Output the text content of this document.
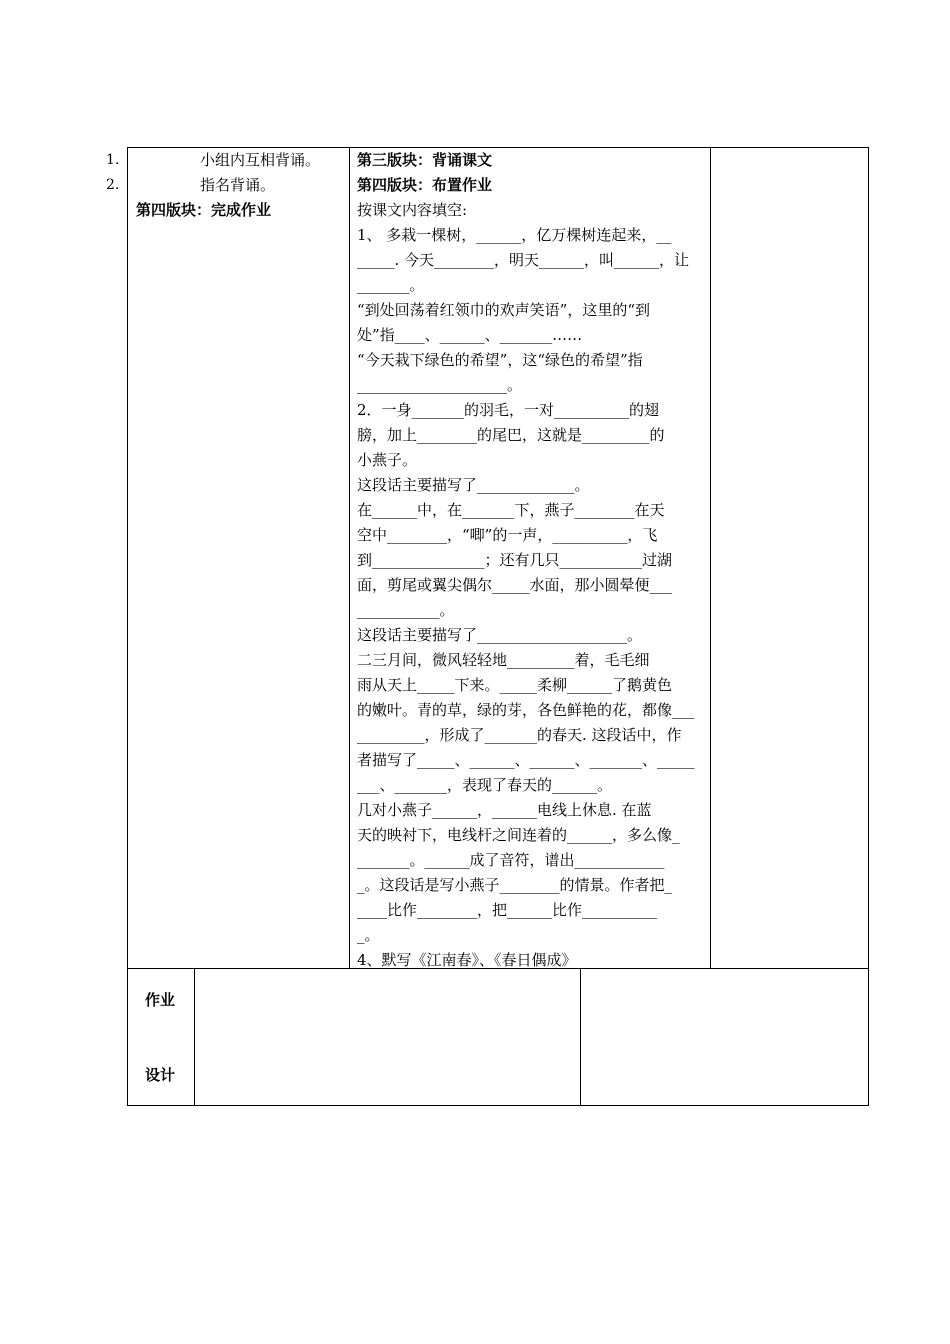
1.	小组内互相背诵。
2.	指名背诵。
第四版块：完成作业
第三版块：背诵课文
第四版块：布置作业
按课文内容填空:
1、 多栽一棵树，______，亿万棵树连起来，__
_____. 今天________，明天______，叫______，让
_______。
“到处回荡着红领巾的欢声笑语”，这里的“到
处”指____、______、_______……
“今天栽下绿色的希望”，这“绿色的希望”指
____________________。
2．一身_______的羽毛，一对__________的翅
膀，加上________的尾巴，这就是_________的
小燕子。
这段话主要描写了_____________。
在______中，在_______下，燕子________在天
空中________，“唧”的一声，__________，飞
到_______________；还有几只___________过湖
面，剪尾或翼尖偶尔_____水面，那小圆晕便___
___________。
这段话主要描写了____________________。
二三月间，微风轻轻地_________着，毛毛细
雨从天上_____下来。_____柔柳______了鹅黄色
的嫩叶。青的草，绿的芽，各色鲜艳的花，都像___
_________，形成了_______的春天. 这段话中，作
者描写了_____、______、______、_______、_____
___、_______，表现了春天的______。
几对小燕子______，______电线上休息. 在蓝
天的映衬下，电线杆之间连着的______，多么像_
_______。______成了音符，谱出____________
_。这段话是写小燕子________的情景。作者把_
____比作________，把______比作__________
_。
4、默写《江南春》、《春日偶成》
作业
设计
